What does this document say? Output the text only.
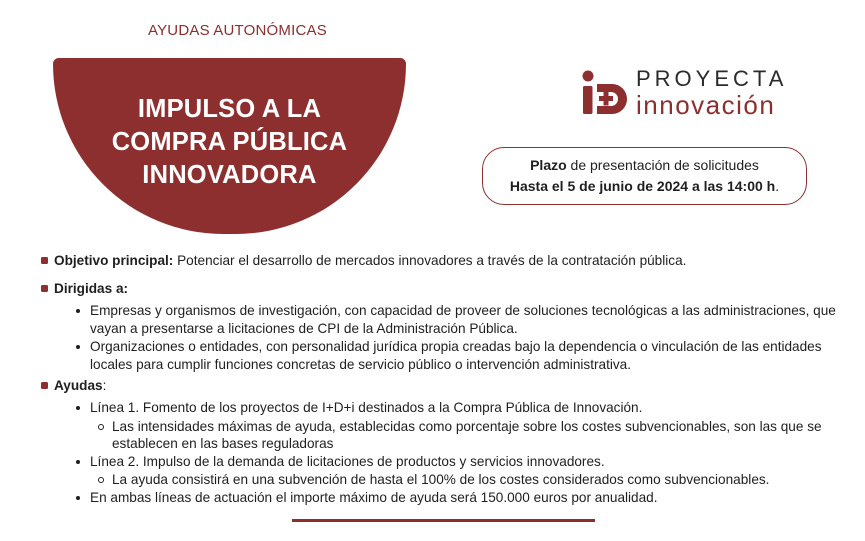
AYUDAS AUTONÓMICAS
IMPULSO A LA
COMPRA PÚBLICA
INNOVADORA
PROYECTA
innovación
Plazo de presentación de solicitudes
Hasta el 5 de junio de 2024 a las 14:00 h.
Objetivo principal: Potenciar el desarrollo de mercados innovadores a través de la contratación pública.
Dirigidas a:
Empresas y organismos de investigación, con capacidad de proveer de soluciones tecnológicas a las administraciones, que vayan a presentarse a licitaciones de CPI de la Administración Pública.
Organizaciones o entidades, con personalidad jurídica propia creadas bajo la dependencia o vinculación de las entidades locales para cumplir funciones concretas de servicio público o intervención administrativa.
Ayudas:
Línea 1. Fomento de los proyectos de I+D+i destinados a la Compra Pública de Innovación.
Las intensidades máximas de ayuda, establecidas como porcentaje sobre los costes subvencionables, son las que se establecen en las bases reguladoras
Línea 2. Impulso de la demanda de licitaciones de productos y servicios innovadores.
La ayuda consistirá en una subvención de hasta el 100% de los costes considerados como subvencionables.
En ambas líneas de actuación el importe máximo de ayuda será 150.000 euros por anualidad.
